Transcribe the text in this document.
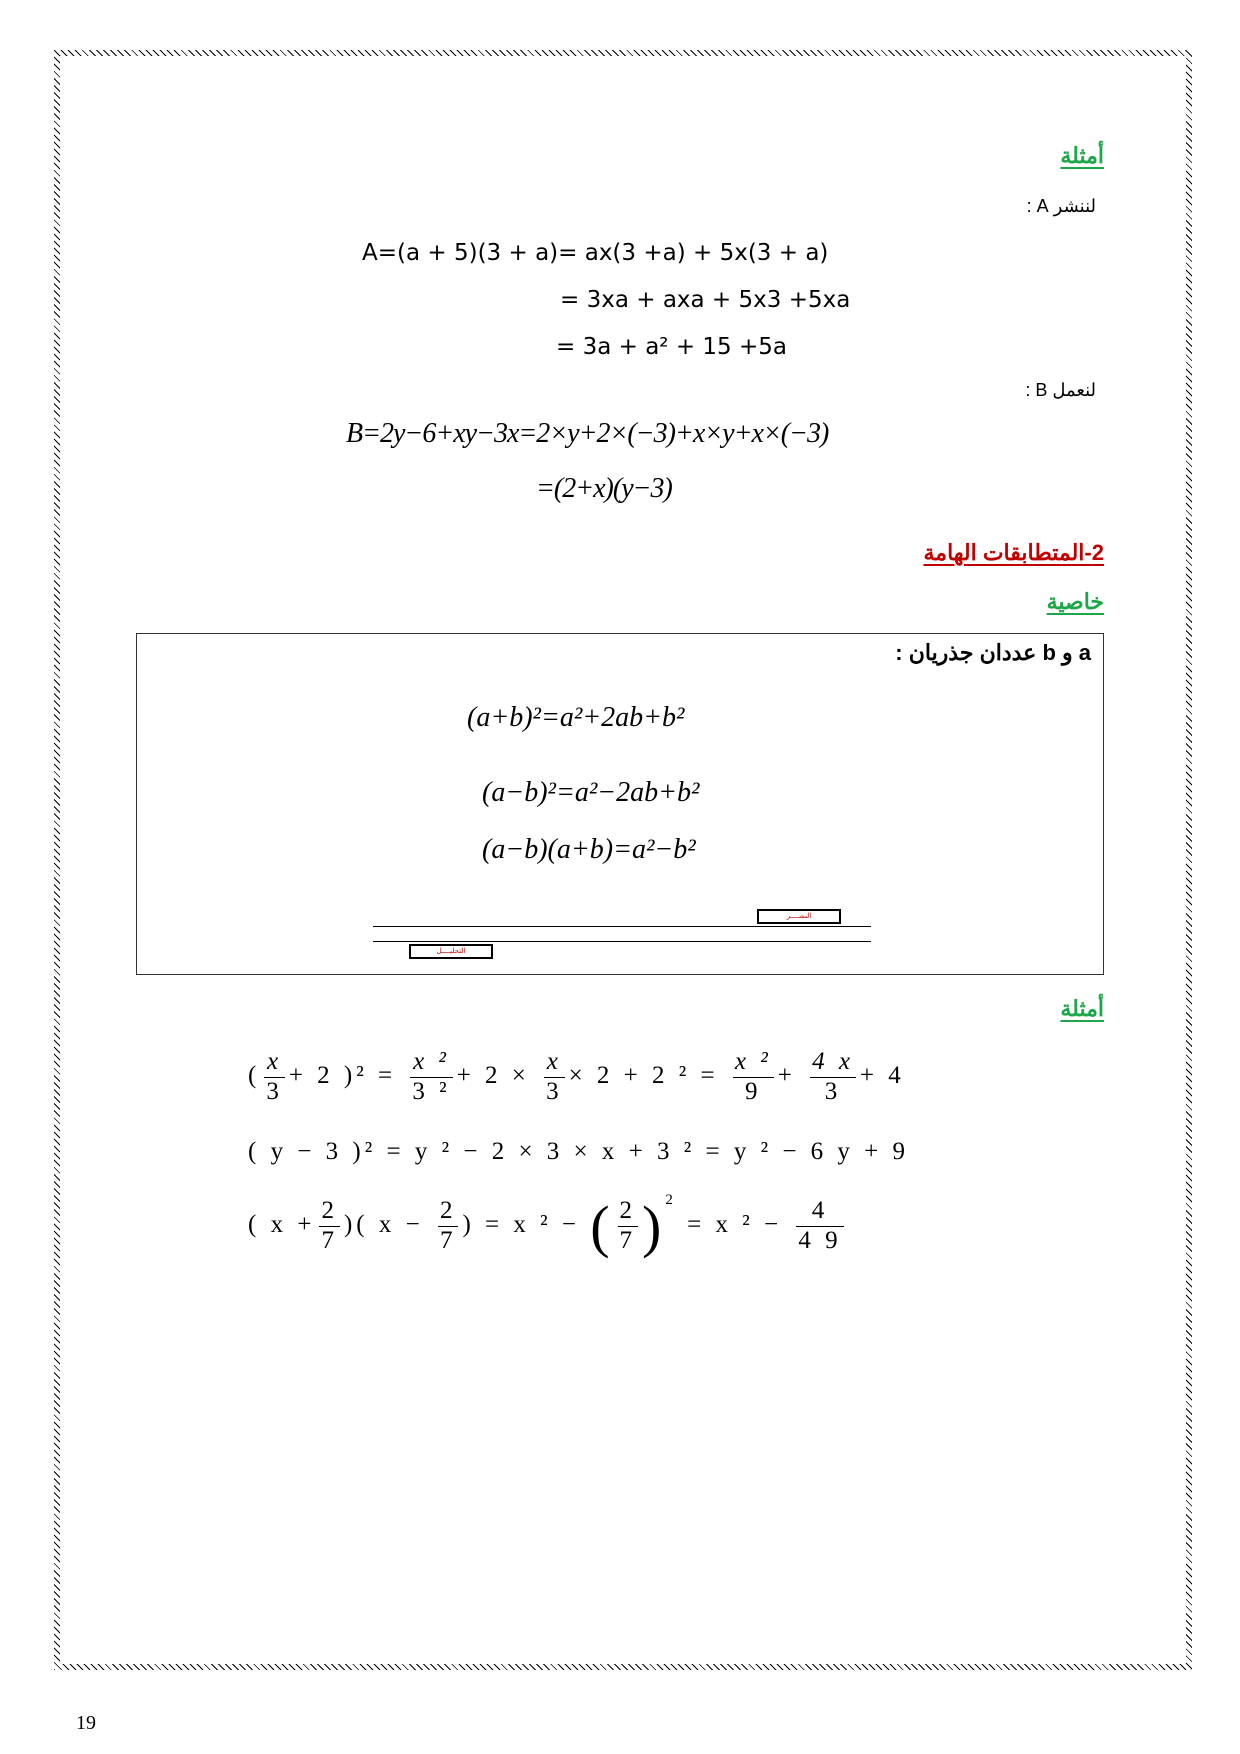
أمثلة
لننشر A :
A=(a + 5)(3 + a)= ax(3 +a) + 5x(3 + a)
= 3xa + axa + 5x3 +5xa
= 3a + a² + 15 +5a
لنعمل B :
B=2y−6+xy−3x=2×y+2×(−3)+x×y+x×(−3)
=(2+x)(y−3)
2-المتطابقات الهامة
خاصية
a و b عددان جذريان :
(a+b)²=a²+2ab+b²
(a−b)²=a²−2ab+b²
(a−b)(a+b)=a²−b²
النشــــر
التحليــــل
أمثلة
( $\frac{x}{3} + 2$ )$^2 = \frac{\text{x ²}}{\text{3 ²}} + 2 \times \frac{x}{3} \times 2 + 2$ $^2 = \frac{\text{x ²}}{9} + \frac{4 x}{3} + 4$
( y − 3 )² = y ² − 2 × 3 × x + 3 ² = y ² − 6 y + 9
( $x + \frac{2}{7}$ )( $x - \frac{2}{7}$ ) = x ² − ( $\frac{2}{7} )^2 = x$ $^2 - \frac{4}{4 9}$
19
